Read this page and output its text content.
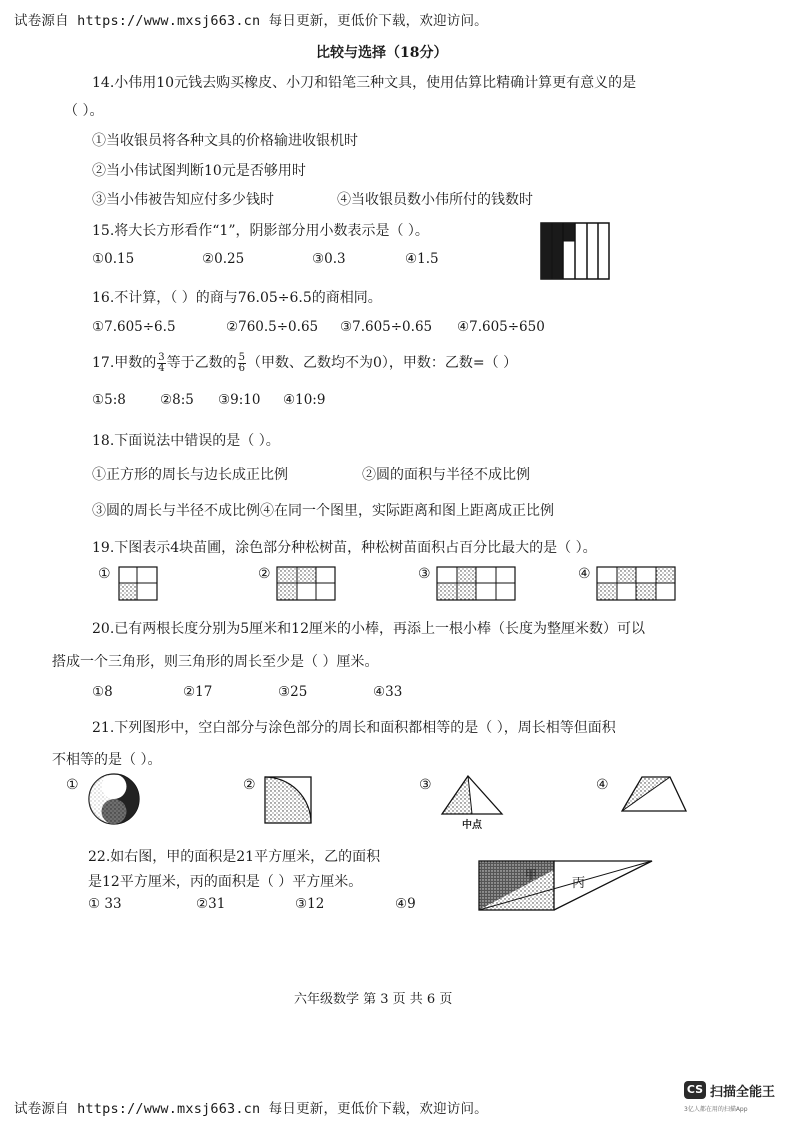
试卷源自 https://www.mxsj663.cn 每日更新，更低价下载，欢迎访问。
比较与选择（18分）
14.小伟用10元钱去购买橡皮、小刀和铅笔三种文具，使用估算比精确计算更有意义的是
（ ）。
①当收银员将各种文具的价格输进收银机时
②当小伟试图判断10元是否够用时
③当小伟被告知应付多少钱时	④当收银员数小伟所付的钱数时
15.将大长方形看作“1”，阴影部分用小数表示是（ ）。
①0.15	②0.25	③0.3	④1.5
16.不计算，（ ）的商与76.05÷6.5的商相同。
①7.605÷6.5	②760.5÷0.65 ③7.605÷0.65 ④7.605÷650
17.甲数的 $\frac{3}{4}$ 等于乙数的 $\frac{5}{6}$ （甲数、乙数均不为0），甲数：乙数=（ ）
①5:8	②8:5 ③9:10 ④10:9
18.下面说法中错误的是（ ）。
①正方形的周长与边长成正比例	②圆的面积与半径不成比例
③圆的周长与半径不成比例④在同一个图里，实际距离和图上距离成正比例
19.下图表示4块苗圃，涂色部分种松树苗，种松树苗面积占百分比最大的是（ ）。
①	②	③	④
20.已有两根长度分别为5厘米和12厘米的小棒，再添上一根小棒（长度为整厘米数）可以
搭成一个三角形，则三角形的周长至少是（ ）厘米。
①8	②17	③25	④33
21.下列图形中，空白部分与涂色部分的周长和面积都相等的是（ ），周长相等但面积
不相等的是（ ）。
①	②	③
中点
④
22.如右图，甲的面积是21平方厘米，乙的面积
是12平方厘米，丙的面积是（ ）平方厘米。
① 33	②31	③12	④9
甲
丙
六年级数学 第 3 页 共 6 页
试卷源自 https://www.mxsj663.cn 每日更新，更低价下载，欢迎访问。
CS 扫描全能王
3亿人都在用的扫描App
